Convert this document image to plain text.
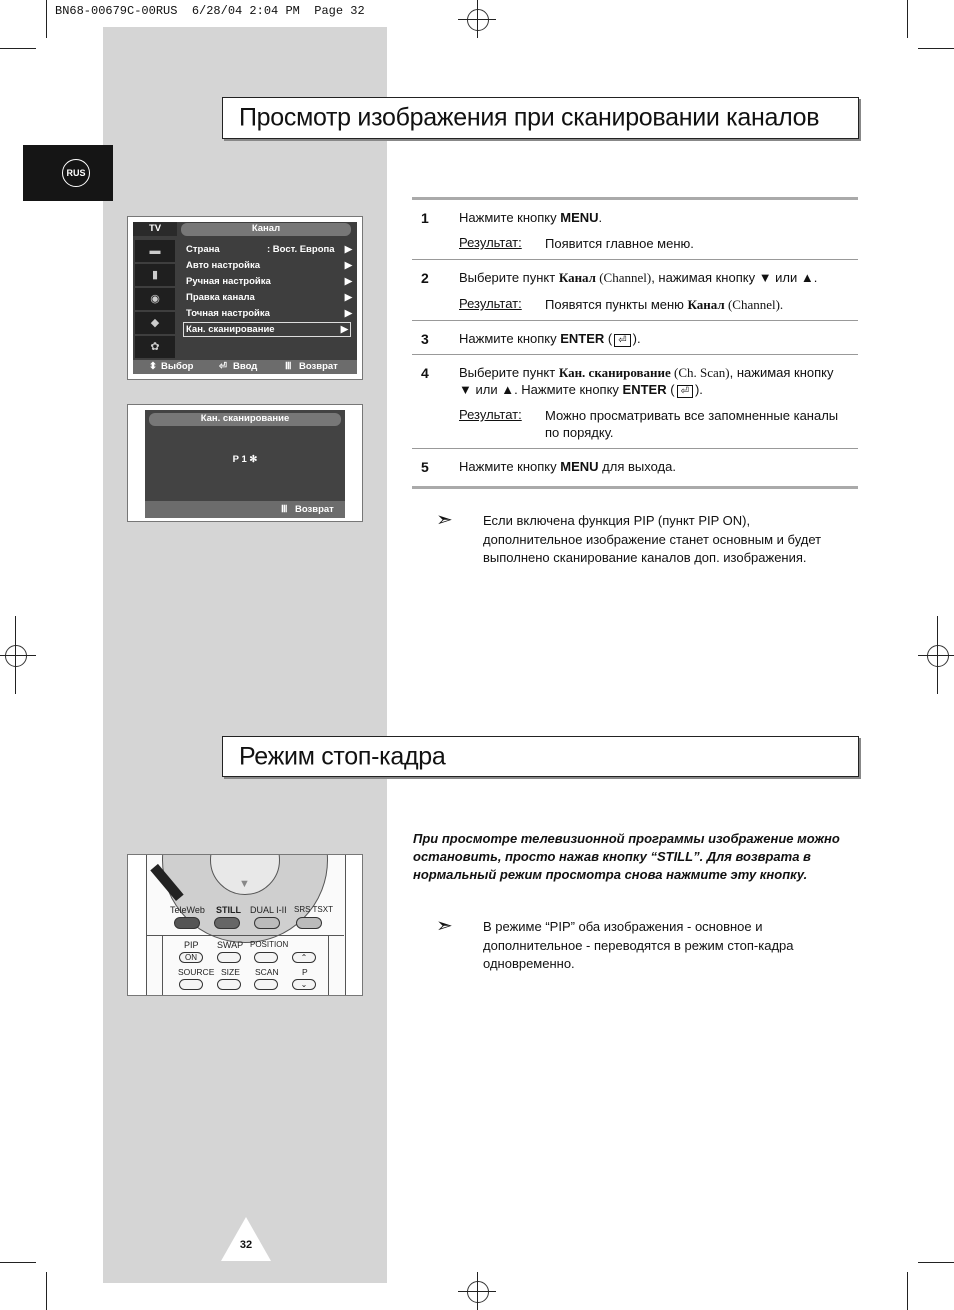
BN68-00679C-00RUS  6/28/04 2:04 PM  Page 32
RUS
Просмотр изображения при сканировании каналов
TV	Канал
▬
▮
◉
◆
✿
Страна	: Вост. Европа ▶
Авто настройка	▶
Ручная настройка	▶
Правка канала	▶
Точная настройка	▶
Кан. сканирование	▶
⬍ Выбор	⏎ Ввод	Ⅲ Возврат
Кан. сканирование
P 1 ✻
Ⅲ Возврат
1 Нажмите кнопку MENU.
Результат: Появится главное меню.
2 Выберите пункт Канал (Channel), нажимая кнопку ▼ или ▲.
Результат: Появятся пункты меню Канал (Channel).
3 Нажмите кнопку ENTER ( ⏎ ).
4 Выберите пункт Кан. сканирование (Ch. Scan), нажимая кнопку
▼ или ▲. Нажмите кнопку ENTER ( ⏎ ).
Результат: Можно просматривать все запомненные каналы
по порядку.
5 Нажмите кнопку MENU для выхода.
➣ Если включена функция PIP (пункт PIP ON),
дополнительное изображение станет основным и будет
выполнено сканирование каналов доп. изображения.
Режим стоп-кадра
При просмотре телевизионной программы изображение можно
остановить, просто нажав кнопку “STILL”. Для возврата в
нормальный режим просмотра снова нажмите эту кнопку.
➣ В режиме “PIP” оба изображения - основное и
дополнительное - переводятся в режим стоп-кадра
одновременно.
▼
TeleWeb STILL DUAL I-II SRS TSXT
PIP SWAP POSITION
ON	⌃
SOURCE SIZE SCAN	P
⌄
32
